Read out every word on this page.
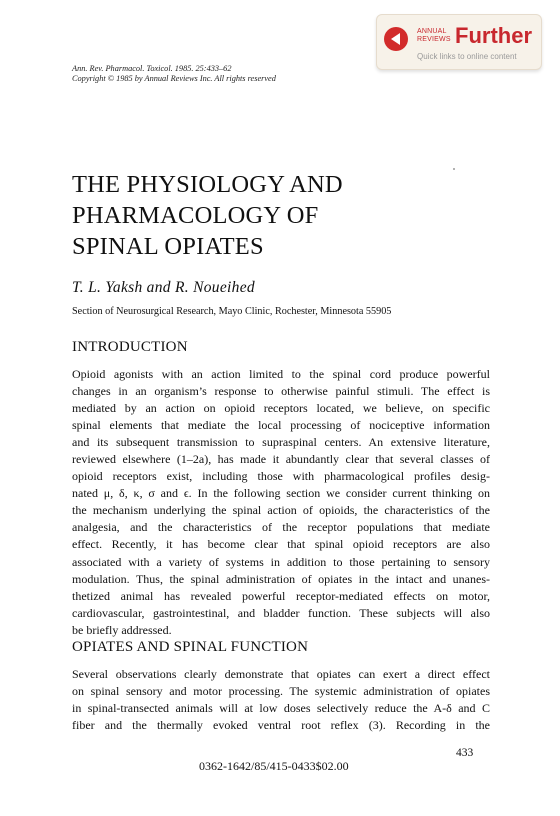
ANNUAL
REVIEWS Further
Quick links to online content
Ann. Rev. Pharmacol. Toxicol. 1985. 25:433–62
Copyright © 1985 by Annual Reviews Inc. All rights reserved
THE PHYSIOLOGY AND
PHARMACOLOGY OF
SPINAL OPIATES
T. L. Yaksh and R. Noueihed
Section of Neurosurgical Research, Mayo Clinic, Rochester, Minnesota 55905
INTRODUCTION
Opioid agonists with an action limited to the spinal cord produce powerful
changes in an organism’s response to otherwise painful stimuli. The effect is
mediated by an action on opioid receptors located, we believe, on specific
spinal elements that mediate the local processing of nociceptive information
and its subsequent transmission to supraspinal centers. An extensive literature,
reviewed elsewhere (1–2a), has made it abundantly clear that several classes of
opioid receptors exist, including those with pharmacological profiles desig-
nated μ, δ, κ, σ and ϵ. In the following section we consider current thinking on
the mechanism underlying the spinal action of opioids, the characteristics of the
analgesia, and the characteristics of the receptor populations that mediate
effect. Recently, it has become clear that spinal opioid receptors are also
associated with a variety of systems in addition to those pertaining to sensory
modulation. Thus, the spinal administration of opiates in the intact and unanes-
thetized animal has revealed powerful receptor-mediated effects on motor,
cardiovascular, gastrointestinal, and bladder function. These subjects will also
be briefly addressed.
OPIATES AND SPINAL FUNCTION
Several observations clearly demonstrate that opiates can exert a direct effect
on spinal sensory and motor processing. The systemic administration of opiates
in spinal-transected animals will at low doses selectively reduce the A-δ and C
fiber and the thermally evoked ventral root reflex (3). Recording in the
433
0362-1642/85/415-0433$02.00
